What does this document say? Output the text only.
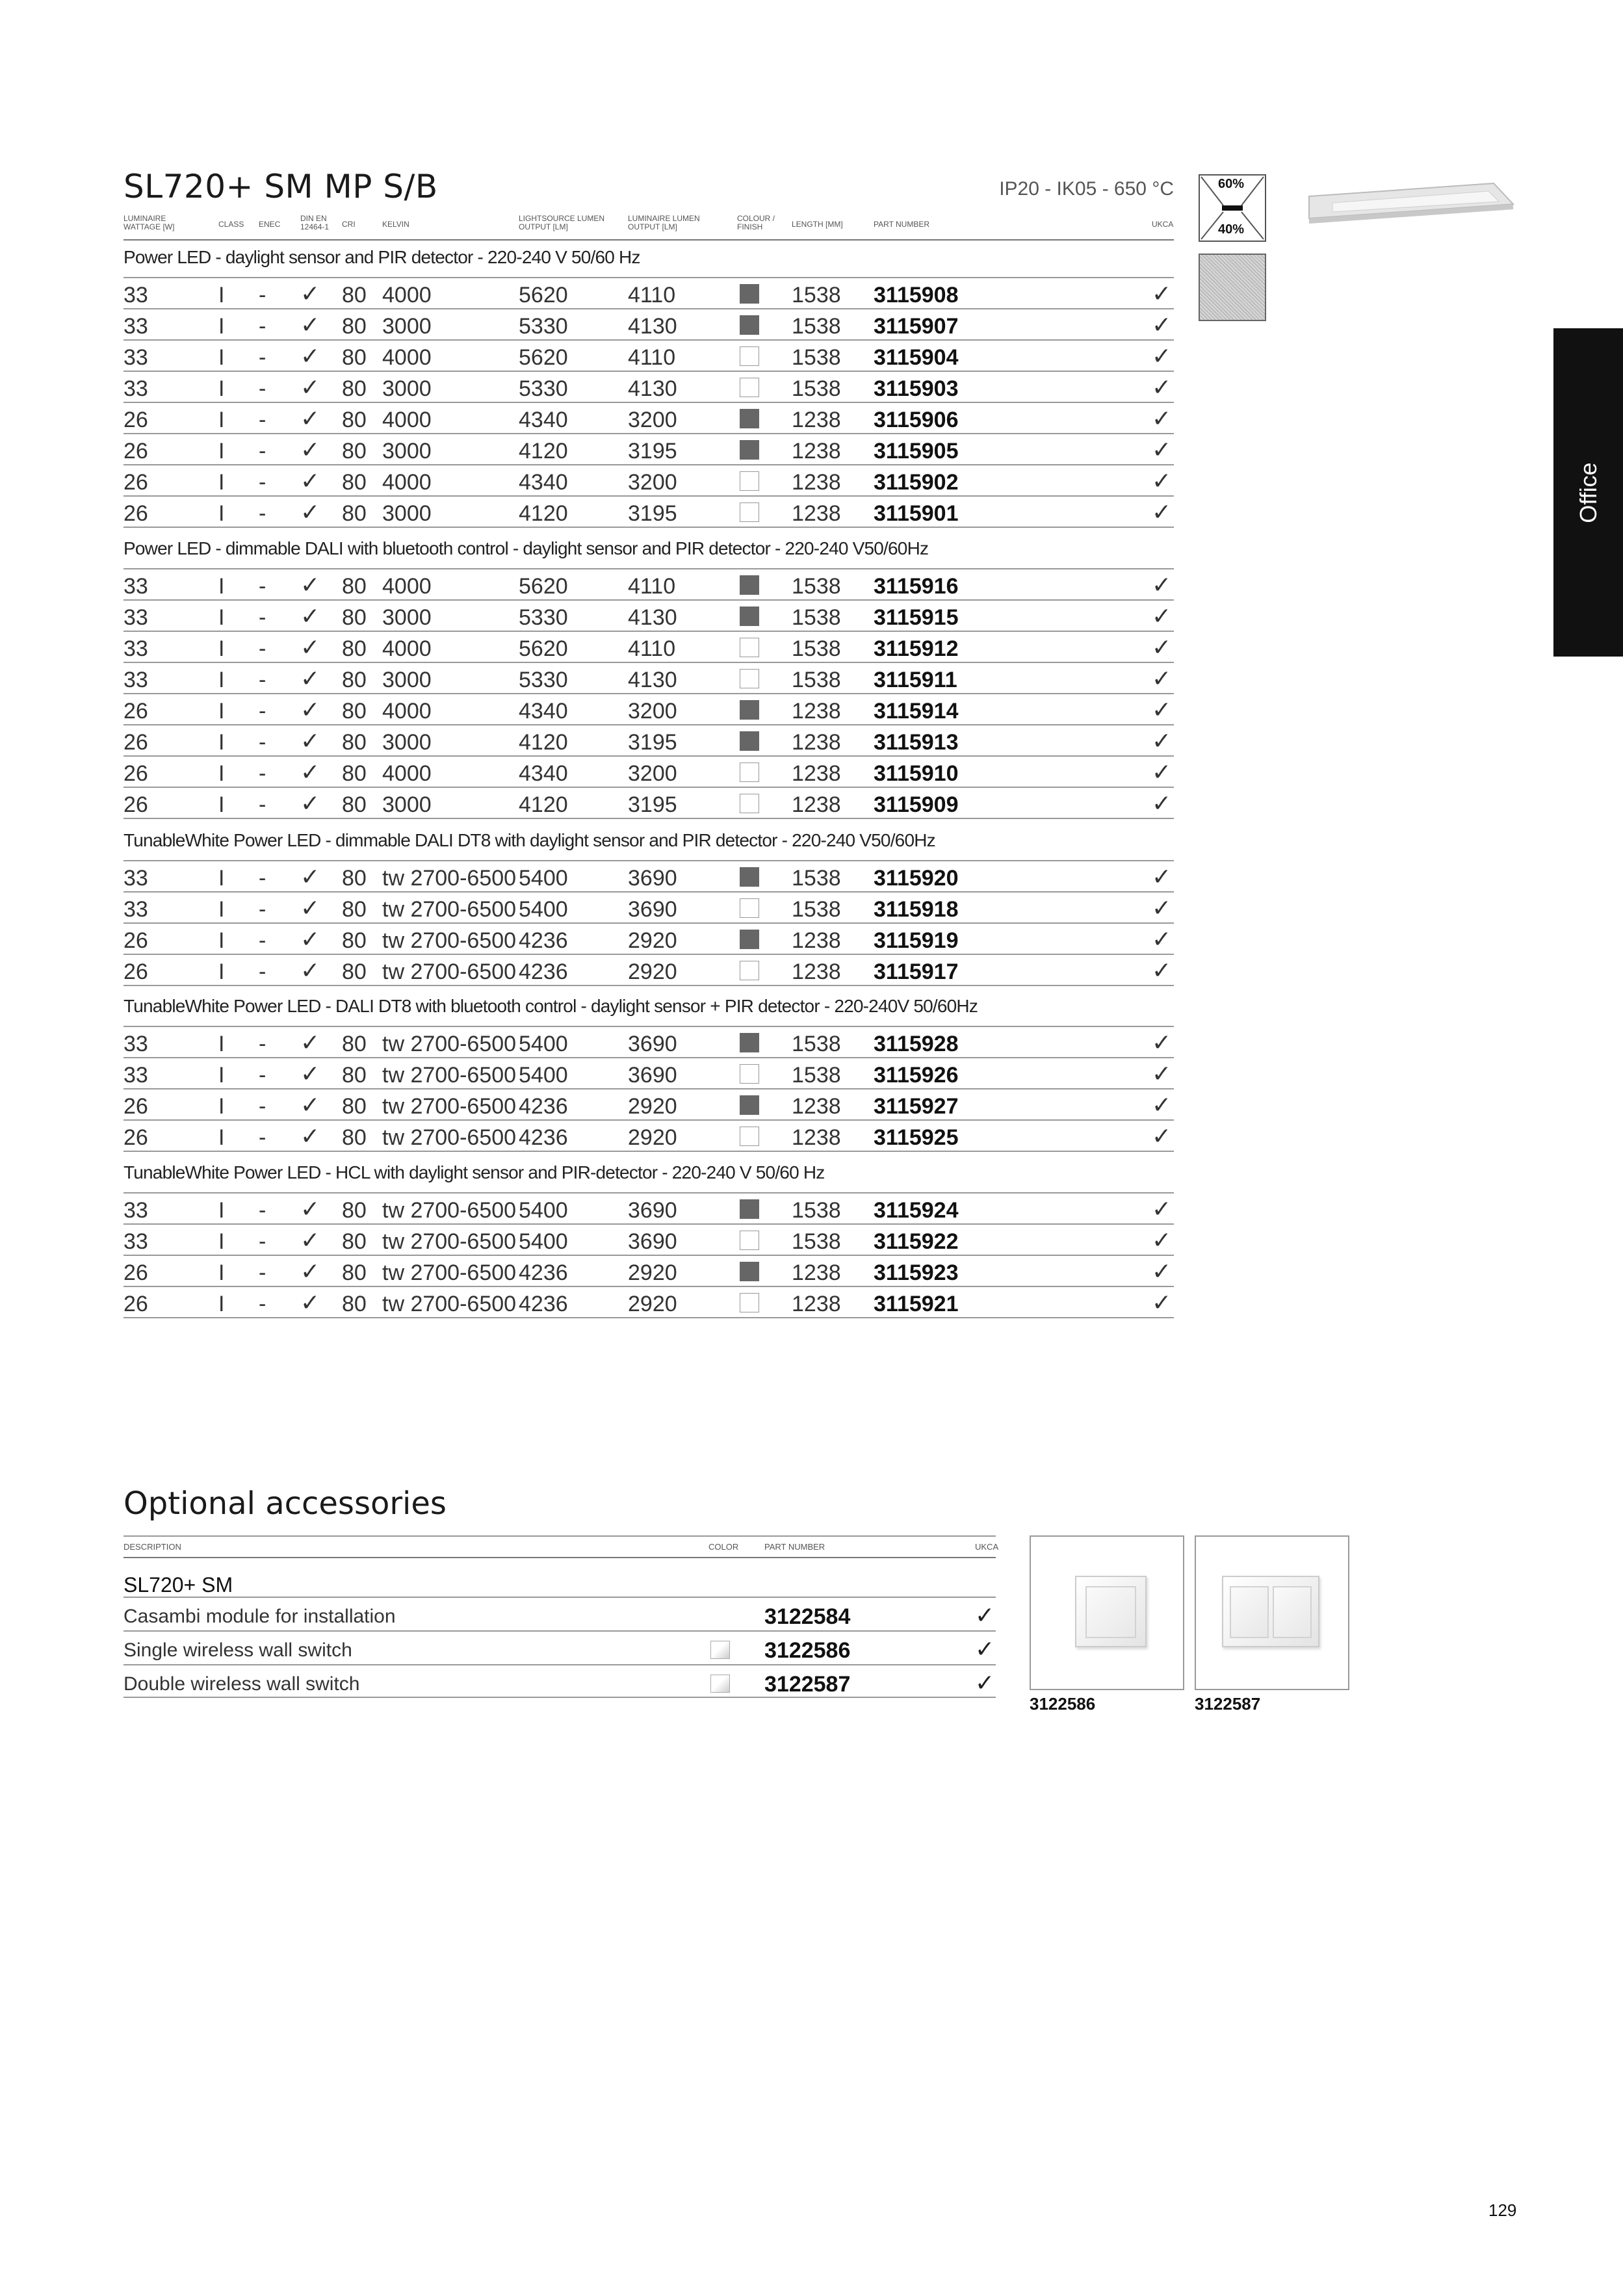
SL720+ SM MP S/B	IP20 - IK05 - 650 °C	60%
40%
Office
LUMINAIRE WATTAGE [W]	CLASS ENEC
DIN EN 12464-1	CRI	KELVIN
LIGHTSOURCE LUMEN OUTPUT [LM]
LUMINAIRE LUMEN OUTPUT [LM]
COLOUR / FINISH	LENGTH [MM]	PART NUMBER	UKCA
Power LED - daylight sensor and PIR detector - 220-240 V 50/60 Hz
33	I - ✓ 80 4000	5620	4110	1538 3115908	✓
33	I - ✓ 80 3000	5330	4130	1538 3115907	✓
33	I - ✓ 80 4000	5620	4110	1538 3115904	✓
33	I - ✓ 80 3000	5330	4130	1538 3115903	✓
26	I - ✓ 80 4000	4340	3200	1238 3115906	✓
26	I - ✓ 80 3000	4120	3195	1238 3115905	✓
26	I - ✓ 80 4000	4340	3200	1238 3115902	✓
26	I - ✓ 80 3000	4120	3195	1238 3115901	✓
Power LED - dimmable DALI with bluetooth control - daylight sensor and PIR detector - 220-240 V50/60Hz
33	I - ✓ 80 4000	5620	4110	1538 3115916	✓
33	I - ✓ 80 3000	5330	4130	1538 3115915	✓
33	I - ✓ 80 4000	5620	4110	1538 3115912	✓
33	I - ✓ 80 3000	5330	4130	1538 3115911	✓
26	I - ✓ 80 4000	4340	3200	1238 3115914	✓
26	I - ✓ 80 3000	4120	3195	1238 3115913	✓
26	I - ✓ 80 4000	4340	3200	1238 3115910	✓
26	I - ✓ 80 3000	4120	3195	1238 3115909	✓
TunableWhite Power LED - dimmable DALI DT8 with daylight sensor and PIR detector - 220-240 V50/60Hz
33	I - ✓ 80 tw 2700-6500 5400	3690	1538 3115920	✓
33	I - ✓ 80 tw 2700-6500 5400	3690	1538 3115918	✓
26	I - ✓ 80 tw 2700-6500 4236	2920	1238 3115919	✓
26	I - ✓ 80 tw 2700-6500 4236	2920	1238 3115917	✓
TunableWhite Power LED - DALI DT8 with bluetooth control - daylight sensor + PIR detector - 220-240V 50/60Hz
33	I - ✓ 80 tw 2700-6500 5400	3690	1538 3115928	✓
33	I - ✓ 80 tw 2700-6500 5400	3690	1538 3115926	✓
26	I - ✓ 80 tw 2700-6500 4236	2920	1238 3115927	✓
26	I - ✓ 80 tw 2700-6500 4236	2920	1238 3115925	✓
TunableWhite Power LED - HCL with daylight sensor and PIR-detector - 220-240 V 50/60 Hz
33	I - ✓ 80 tw 2700-6500 5400	3690	1538 3115924	✓
33	I - ✓ 80 tw 2700-6500 5400	3690	1538 3115922	✓
26	I - ✓ 80 tw 2700-6500 4236	2920	1238 3115923	✓
26	I - ✓ 80 tw 2700-6500 4236	2920	1238 3115921	✓
Optional accessories
DESCRIPTION	COLOR	PART NUMBER	UKCA
SL720+ SM
Casambi module for installation	3122584	✓
Single wireless wall switch	3122586	✓
Double wireless wall switch	3122587	✓
3122586	3122587
129
